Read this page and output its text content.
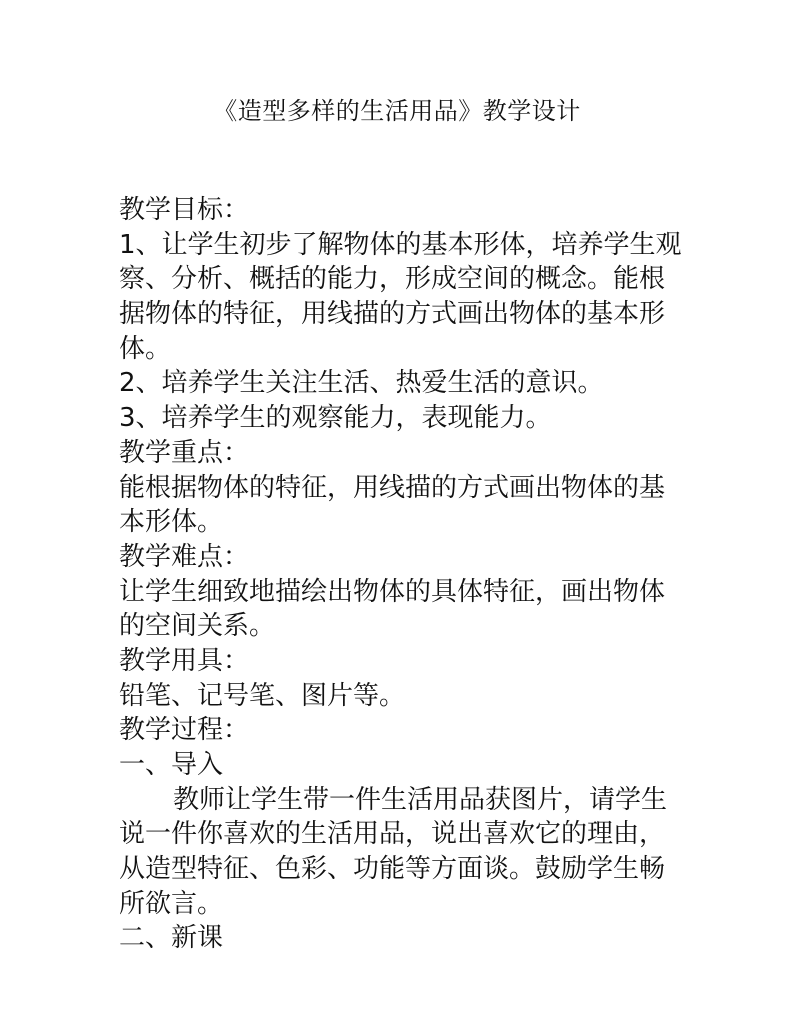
《造型多样的生活用品》教学设计
教学目标：
1、让学生初步了解物体的基本形体，培养学生观
察、分析、概括的能力，形成空间的概念。能根
据物体的特征，用线描的方式画出物体的基本形
体。
2、培养学生关注生活、热爱生活的意识。
3、培养学生的观察能力，表现能力。
教学重点：
能根据物体的特征，用线描的方式画出物体的基
本形体。
教学难点：
让学生细致地描绘出物体的具体特征，画出物体
的空间关系。
教学用具：
铅笔、记号笔、图片等。
教学过程：
一、导入
教师让学生带一件生活用品获图片，请学生
说一件你喜欢的生活用品，说出喜欢它的理由，
从造型特征、色彩、功能等方面谈。鼓励学生畅
所欲言。
二、新课
